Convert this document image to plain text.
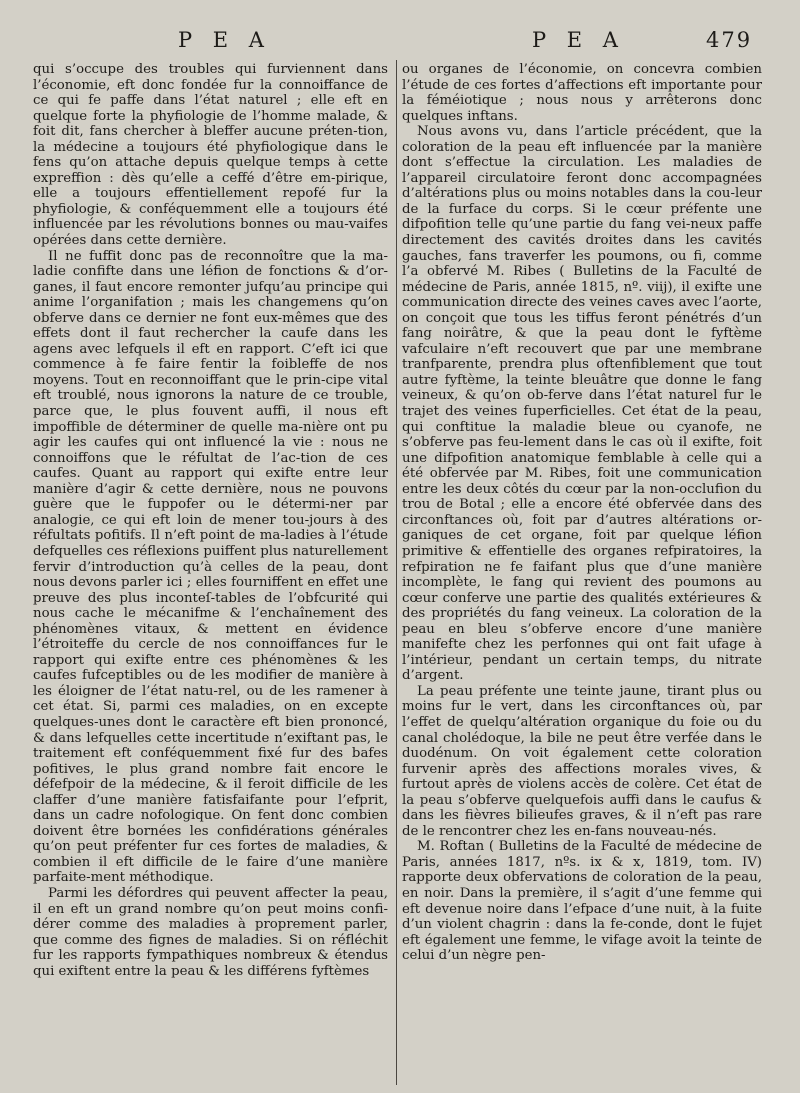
P E A	P E A	479

qui s’occupe des troubles qui furviennent dans l’économie, eft donc fondée fur la connoiffance de ce qui fe paffe dans l’état naturel ; elle eft en quelque forte la phyfiologie de l’homme malade, & foit dit, fans chercher à bleffer aucune préten-tion, la médecine a toujours été phyfiologique dans le fens qu’on attache depuis quelque temps à cette expreffion : dès qu’elle a ceffé d’être em-pirique, elle a toujours effentiellement repofé fur la phyfiologie, & conféquemment elle a toujours été influencée par les révolutions bonnes ou mau-vaifes opérées dans cette dernière.

Il ne fuffit donc pas de reconnoître que la ma-ladie confifte dans une léfion de fonctions & d’or-ganes, il faut encore remonter jufqu’au principe qui anime l’organifation ; mais les changemens qu’on obferve dans ce dernier ne font eux-mêmes que des effets dont il faut rechercher la caufe dans les agens avec lefquels il eft en rapport. C’eft ici que commence à fe faire fentir la foibleffe de nos moyens. Tout en reconnoiffant que le prin-cipe vital eft troublé, nous ignorons la nature de ce trouble, parce que, le plus fouvent auffi, il nous eft impoffible de déterminer de quelle ma-nière ont pu agir les caufes qui ont influencé la vie : nous ne connoiffons que le réfultat de l’ac-tion de ces caufes. Quant au rapport qui exifte entre leur manière d’agir & cette dernière, nous ne pouvons guère que le fuppofer ou le détermi-ner par analogie, ce qui eft loin de mener tou-jours à des réfultats pofitifs. Il n’eft point de ma-ladies à l’étude defquelles ces réflexions puiffent plus naturellement fervir d’introduction qu’à celles de la peau, dont nous devons parler ici ; elles fourniffent en effet une preuve des plus inconteſ-tables de l’obfcurité qui nous cache le mécanifme & l’enchaînement des phénomènes vitaux, & mettent en évidence l’étroiteffe du cercle de nos connoiffances fur le rapport qui exifte entre ces phénomènes & les caufes fufceptibles ou de les modifier de manière à les éloigner de l’état natu-rel, ou de les ramener à cet état. Si, parmi ces maladies, on en excepte quelques-unes dont le caractère eft bien prononcé, & dans lefquelles cette incertitude n’exiftant pas, le traitement eft conféquemment fixé fur des bafes pofitives, le plus grand nombre fait encore le défefpoir de la médecine, & il feroit difficile de les claffer d’une manière fatisfaifante pour l’efprit, dans un cadre nofologique. On fent donc combien doivent être bornées les confidérations générales qu’on peut préfenter fur ces fortes de maladies, & combien il eft difficile de le faire d’une manière parfaite-ment méthodique.

Parmi les défordres qui peuvent affecter la peau, il en eft un grand nombre qu’on peut moins confi-dérer comme des maladies à proprement parler, que comme des fignes de maladies. Si on réfléchit fur les rapports fympathiques nombreux & étendus qui exiftent entre la peau & les différens fyftèmes

ou organes de l’économie, on concevra combien l’étude de ces fortes d’affections eft importante pour la féméiotique ; nous nous y arrêterons donc quelques inftans.

Nous avons vu, dans l’article précédent, que la coloration de la peau eft influencée par la manière dont s’effectue la circulation. Les maladies de l’appareil circulatoire feront donc accompagnées d’altérations plus ou moins notables dans la cou-leur de la furface du corps. Si le cœur préfente une difpofition telle qu’une partie du fang vei-neux paffe directement des cavités droites dans les cavités gauches, fans traverfer les poumons, ou fi, comme l’a obfervé M. Ribes ( Bulletins de la Faculté de médecine de Paris, année 1815, nº. viij), il exifte une communication directe des veines caves avec l’aorte, on conçoit que tous les tiffus feront pénétrés d’un fang noirâtre, & que la peau dont le fyftème vafculaire n’eft recouvert que par une membrane tranfparente, prendra plus oftenfiblement que tout autre fyftème, la teinte bleuâtre que donne le fang veineux, & qu’on ob-ferve dans l’état naturel fur le trajet des veines fuperficielles. Cet état de la peau, qui conftitue la maladie bleue ou cyanofe, ne s’obferve pas feu-lement dans le cas où il exifte, foit une difpofition anatomique femblable à celle qui a été obfervée par M. Ribes, foit une communication entre les deux côtés du cœur par la non-occlufion du trou de Botal ; elle a encore été obfervée dans des circonftances où, foit par d’autres altérations or-ganiques de cet organe, foit par quelque léfion primitive & effentielle des organes refpiratoires, la refpiration ne fe faifant plus que d’une manière incomplète, le fang qui revient des poumons au cœur conferve une partie des qualités extérieures & des propriétés du fang veineux. La coloration de la peau en bleu s’obferve encore d’une manière manifefte chez les perfonnes qui ont fait ufage à l’intérieur, pendant un certain temps, du nitrate d’argent.

La peau préfente une teinte jaune, tirant plus ou moins fur le vert, dans les circonftances où, par l’effet de quelqu’altération organique du foie ou du canal cholédoque, la bile ne peut être verfée dans le duodénum. On voit également cette coloration furvenir après des affections morales vives, & furtout après de violens accès de colère. Cet état de la peau s’obferve quelquefois auffi dans le caufus & dans les fièvres bilieufes graves, & il n’eft pas rare de le rencontrer chez les en-fans nouveau-nés.

M. Roftan ( Bulletins de la Faculté de médecine de Paris, années 1817, nºs. ix & x, 1819, tom. IV) rapporte deux obfervations de coloration de la peau, en noir. Dans la première, il s’agit d’une femme qui eft devenue noire dans l’efpace d’une nuit, à la fuite d’un violent chagrin : dans la fe-conde, dont le fujet eft également une femme, le vifage avoit la teinte de celui d’un nègre pen-
